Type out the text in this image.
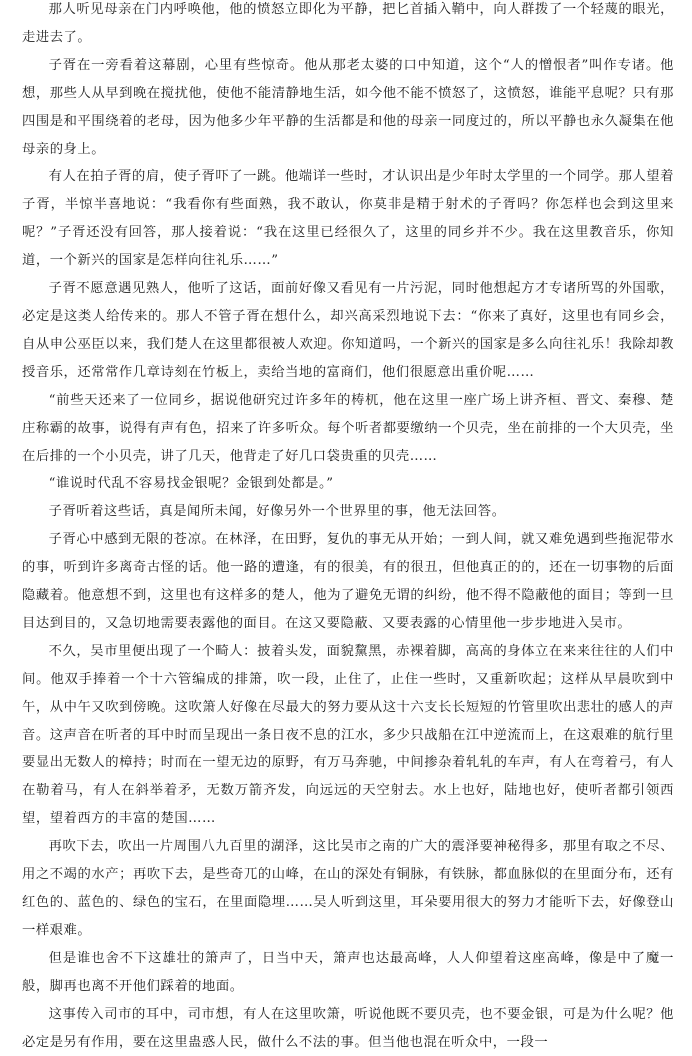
那人听见母亲在门内呼唤他，他的愤怒立即化为平静，把匕首插入鞘中，向人群拨了一个轻蔑的眼光，走进去了。

子胥在一旁看着这幕剧，心里有些惊奇。他从那老太婆的口中知道，这个“人的憎恨者”叫作专诸。他想，那些人从早到晚在搅扰他，使他不能清静地生活，如今他不能不愤怒了，这愤怒，谁能平息呢？只有那四围是和平围绕着的老母，因为他多少年平静的生活都是和他的母亲一同度过的，所以平静也永久凝集在他母亲的身上。

有人在拍子胥的肩，使子胥吓了一跳。他端详一些时，才认识出是少年时太学里的一个同学。那人望着子胥，半惊半喜地说：“我看你有些面熟，我不敢认，你莫非是精于射术的子胥吗？你怎样也会到这里来呢？”子胥还没有回答，那人接着说：“我在这里已经很久了，这里的同乡并不少。我在这里教音乐，你知道，一个新兴的国家是怎样向往礼乐……”

子胥不愿意遇见熟人，他听了这话，面前好像又看见有一片污泥，同时他想起方才专诸所骂的外国歌，必定是这类人给传来的。那人不管子胥在想什么，却兴高采烈地说下去：“你来了真好，这里也有同乡会，自从申公巫臣以来，我们楚人在这里都很被人欢迎。你知道吗，一个新兴的国家是多么向往礼乐！我除却教授音乐，还常常作几章诗刻在竹板上，卖给当地的富商们，他们很愿意出重价呢……

“前些天还来了一位同乡，据说他研究过许多年的梼杌，他在这里一座广场上讲齐桓、晋文、秦穆、楚庄称霸的故事，说得有声有色，招来了许多听众。每个听者都要缴纳一个贝壳，坐在前排的一个大贝壳，坐在后排的一个小贝壳，讲了几天，他背走了好几口袋贵重的贝壳……

“谁说时代乱不容易找金银呢？金银到处都是。”

子胥听着这些话，真是闻所未闻，好像另外一个世界里的事，他无法回答。

子胥心中感到无限的苍凉。在林泽，在田野，复仇的事无从开始；一到人间，就又难免遇到些拖泥带水的事，听到许多离奇古怪的话。他一路的遭逢，有的很美，有的很丑，但他真正的的，还在一切事物的后面隐藏着。他意想不到，这里也有这样多的楚人，他为了避免无谓的纠纷，他不得不隐蔽他的面目；等到一旦目达到目的，又急切地需要表露他的面目。在这又要隐蔽、又要表露的心情里他一步步地进入吴市。

不久，吴市里便出现了一个畸人：披着头发，面貌黧黑，赤裸着脚，高高的身体立在来来往往的人们中间。他双手捧着一个十六管编成的排箫，吹一段，止住了，止住一些时，又重新吹起；这样从早晨吹到中午，从中午又吹到傍晚。这吹箫人好像在尽最大的努力要从这十六支长长短短的竹管里吹出悲壮的感人的声音。这声音在听者的耳中时而呈现出一条日夜不息的江水，多少只战船在江中逆流而上，在这艰难的航行里要显出无数人的樟持；时而在一望无边的原野，有万马奔驰，中间掺杂着轧轧的车声，有人在弯着弓，有人在勒着马，有人在斜举着矛，无数万箭齐发，向远远的天空射去。水上也好，陆地也好，使听者都引领西望，望着西方的丰富的楚国……

再吹下去，吹出一片周围八九百里的湖泽，这比吴市之南的广大的震泽要神秘得多，那里有取之不尽、用之不竭的水产；再吹下去，是些奇兀的山峰，在山的深处有铜脉，有铁脉，都血脉似的在里面分布，还有红色的、蓝色的、绿色的宝石，在里面隐埋……吴人听到这里，耳朵要用很大的努力才能听下去，好像登山一样艰难。

但是谁也舍不下这雄壮的箫声了，日当中天，箫声也达最高峰，人人仰望着这座高峰，像是中了魔一般，脚再也离不开他们踩着的地面。

这事传入司市的耳中，司市想，有人在这里吹箫，听说他既不要贝壳，也不要金银，可是为什么呢？他必定是另有作用，要在这里蛊惑人民，做什么不法的事。但当他也混在听众中，一段一
